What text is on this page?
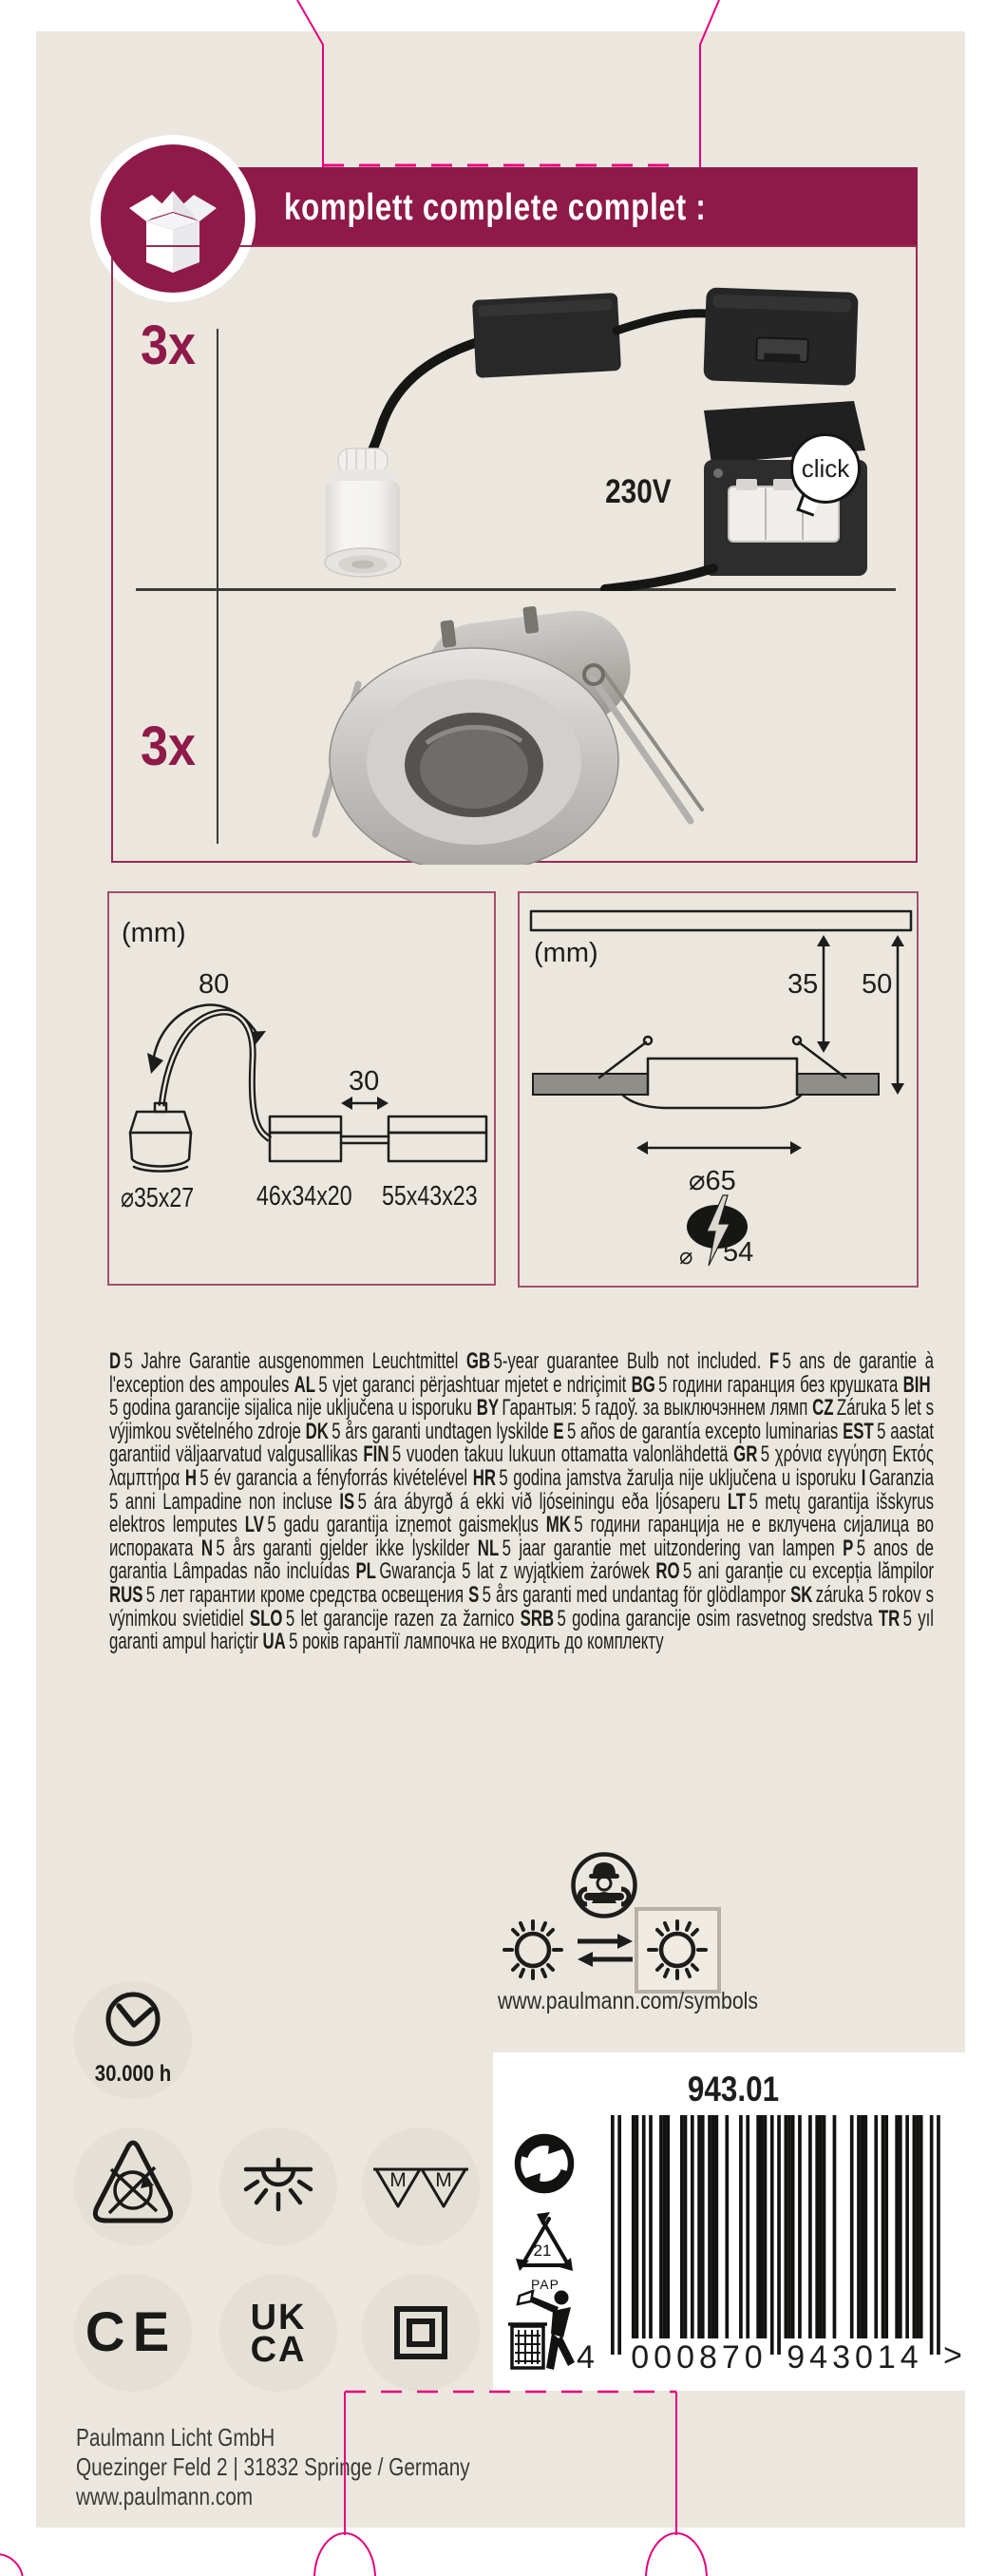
komplett complete complet :
3x
3x
230V
click
(mm)
80
30
⌀35x27 46x34x20 55x43x23
(mm)
35 50
⌀65
⌀ 54
D 5 Jahre Garantie ausgenommen Leuchtmittel GB 5-year guarantee Bulb not included. F 5 ans de garantie à l'exception des ampoules AL 5 vjet garanci përjashtuar mjetet e ndriçimit BG 5 години гаранция без крушката BIH 5 godina garancije sijalica nije uključena u isporuku BY Гарантыя: 5 гадоў. за выключэннем лямп CZ Záruka 5 let s výjimkou světelného zdroje DK 5 års garanti undtagen lyskilde E 5 años de garantía excepto luminarias EST 5 aastat garantiid väljaarvatud valgusallikas FIN 5 vuoden takuu lukuun ottamatta valonlähdettä GR 5 χρόνια εγγύηση Εκτός λαμπτήρα H 5 év garancia a fényforrás kivételével HR 5 godina jamstva žarulja nije uključena u isporuku I Garanzia 5 anni Lampadine non incluse IS 5 ára ábyrgð á ekki við ljóseiningu eða ljósaperu LT 5 metų garantija išskyrus elektros lemputes LV 5 gadu garantija izņemot gaismekļus MK 5 години гаранција не е вклучена сијалица во испораката N 5 års garanti gjelder ikke lyskilder NL 5 jaar garantie met uitzondering van lampen P 5 anos de garantia Lâmpadas não incluídas PL Gwarancja 5 lat z wyjątkiem żarówek RO 5 ani garanție cu excepția lămpilor RUS 5 лет гарантии кроме средства освещения S 5 års garanti med undantag för glödlampor SK záruka 5 rokov s výnimkou svietidiel SLO 5 let garancije razen za žarnico SRB 5 godina garancije osim rasvetnog sredstva TR 5 yıl garanti ampul hariçtir UA 5 років гарантії лампочка не входить до комплекту
www.paulmann.com/symbols
30.000 h
M M
CE UK
CA
943.01
21
PAP
4 000870 943014 >
Paulmann Licht GmbH
Quezinger Feld 2 | 31832 Springe / Germany
www.paulmann.com
